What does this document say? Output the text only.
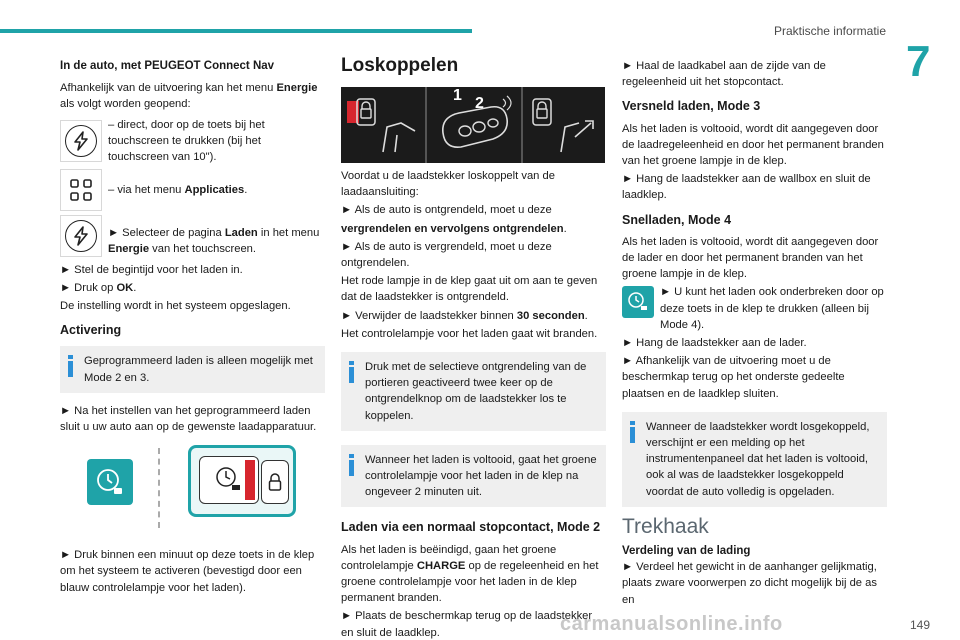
Praktische informatie
7
In de auto, met PEUGEOT Connect Nav

Afhankelijk van de uitvoering kan het menu Energie als volgt worden geopend:

– direct, door op de toets bij het touchscreen te drukken (bij het touchscreen van 10").
– via het menu Applicaties.
► Selecteer de pagina Laden in het menu Energie van het touchscreen.

► Stel de begintijd voor het laden in.

► Druk op OK.

De instelling wordt in het systeem opgeslagen.

Activering
Geprogrammeerd laden is alleen mogelijk met Mode 2 en 3.

► Na het instellen van het geprogrammeerd laden sluit u uw auto aan op de gewenste laadapparatuur.

► Druk binnen een minuut op deze toets in de klep om het systeem te activeren (bevestigd door een blauw controlelampje voor het laden).

Loskoppelen
1 2

Voordat u de laadstekker loskoppelt van de laadaansluiting:

► Als de auto is ontgrendeld, moet u deze

vergrendelen en vervolgens ontgrendelen.

► Als de auto is vergrendeld, moet u deze ontgrendelen.

Het rode lampje in de klep gaat uit om aan te geven dat de laadstekker is ontgrendeld.

► Verwijder de laadstekker binnen 30 seconden.

Het controlelampje voor het laden gaat wit branden.

Druk met de selectieve ontgrendeling van de portieren geactiveerd twee keer op de ontgrendelknop om de laadstekker los te koppelen.
Wanneer het laden is voltooid, gaat het groene controlelampje voor het laden in de klep na ongeveer 2 minuten uit.
Laden via een normaal stopcontact, Mode 2

Als het laden is beëindigd, gaan het groene controlelampje CHARGE op de regeleenheid en het groene controlelampje voor het laden in de klep permanent branden.

► Plaats de beschermkap terug op de laadstekker en sluit de laadklep.

► Haal de laadkabel aan de zijde van de regeleenheid uit het stopcontact.

Versneld laden, Mode 3

Als het laden is voltooid, wordt dit aangegeven door de laadregeleenheid en door het permanent branden van het groene lampje in de klep.

► Hang de laadstekker aan de wallbox en sluit de laadklep.

Snelladen, Mode 4

Als het laden is voltooid, wordt dit aangegeven door de lader en door het permanent branden van het groene lampje in de klep.

► U kunt het laden ook onderbreken door op deze toets in de klep te drukken (alleen bij Mode 4).

► Hang de laadstekker aan de lader.

► Afhankelijk van de uitvoering moet u de beschermkap terug op het onderste gedeelte plaatsen en de laadklep sluiten.

Wanneer de laadstekker wordt losgekoppeld, verschijnt er een melding op het instrumentenpaneel dat het laden is voltooid, ook al was de laadstekker losgekoppeld voordat de auto volledig is opgeladen.
Trekhaak
Verdeling van de lading

► Verdeel het gewicht in de aanhanger gelijkmatig, plaats zware voorwerpen zo dicht mogelijk bij de as en

carmanualsonline.info	149
